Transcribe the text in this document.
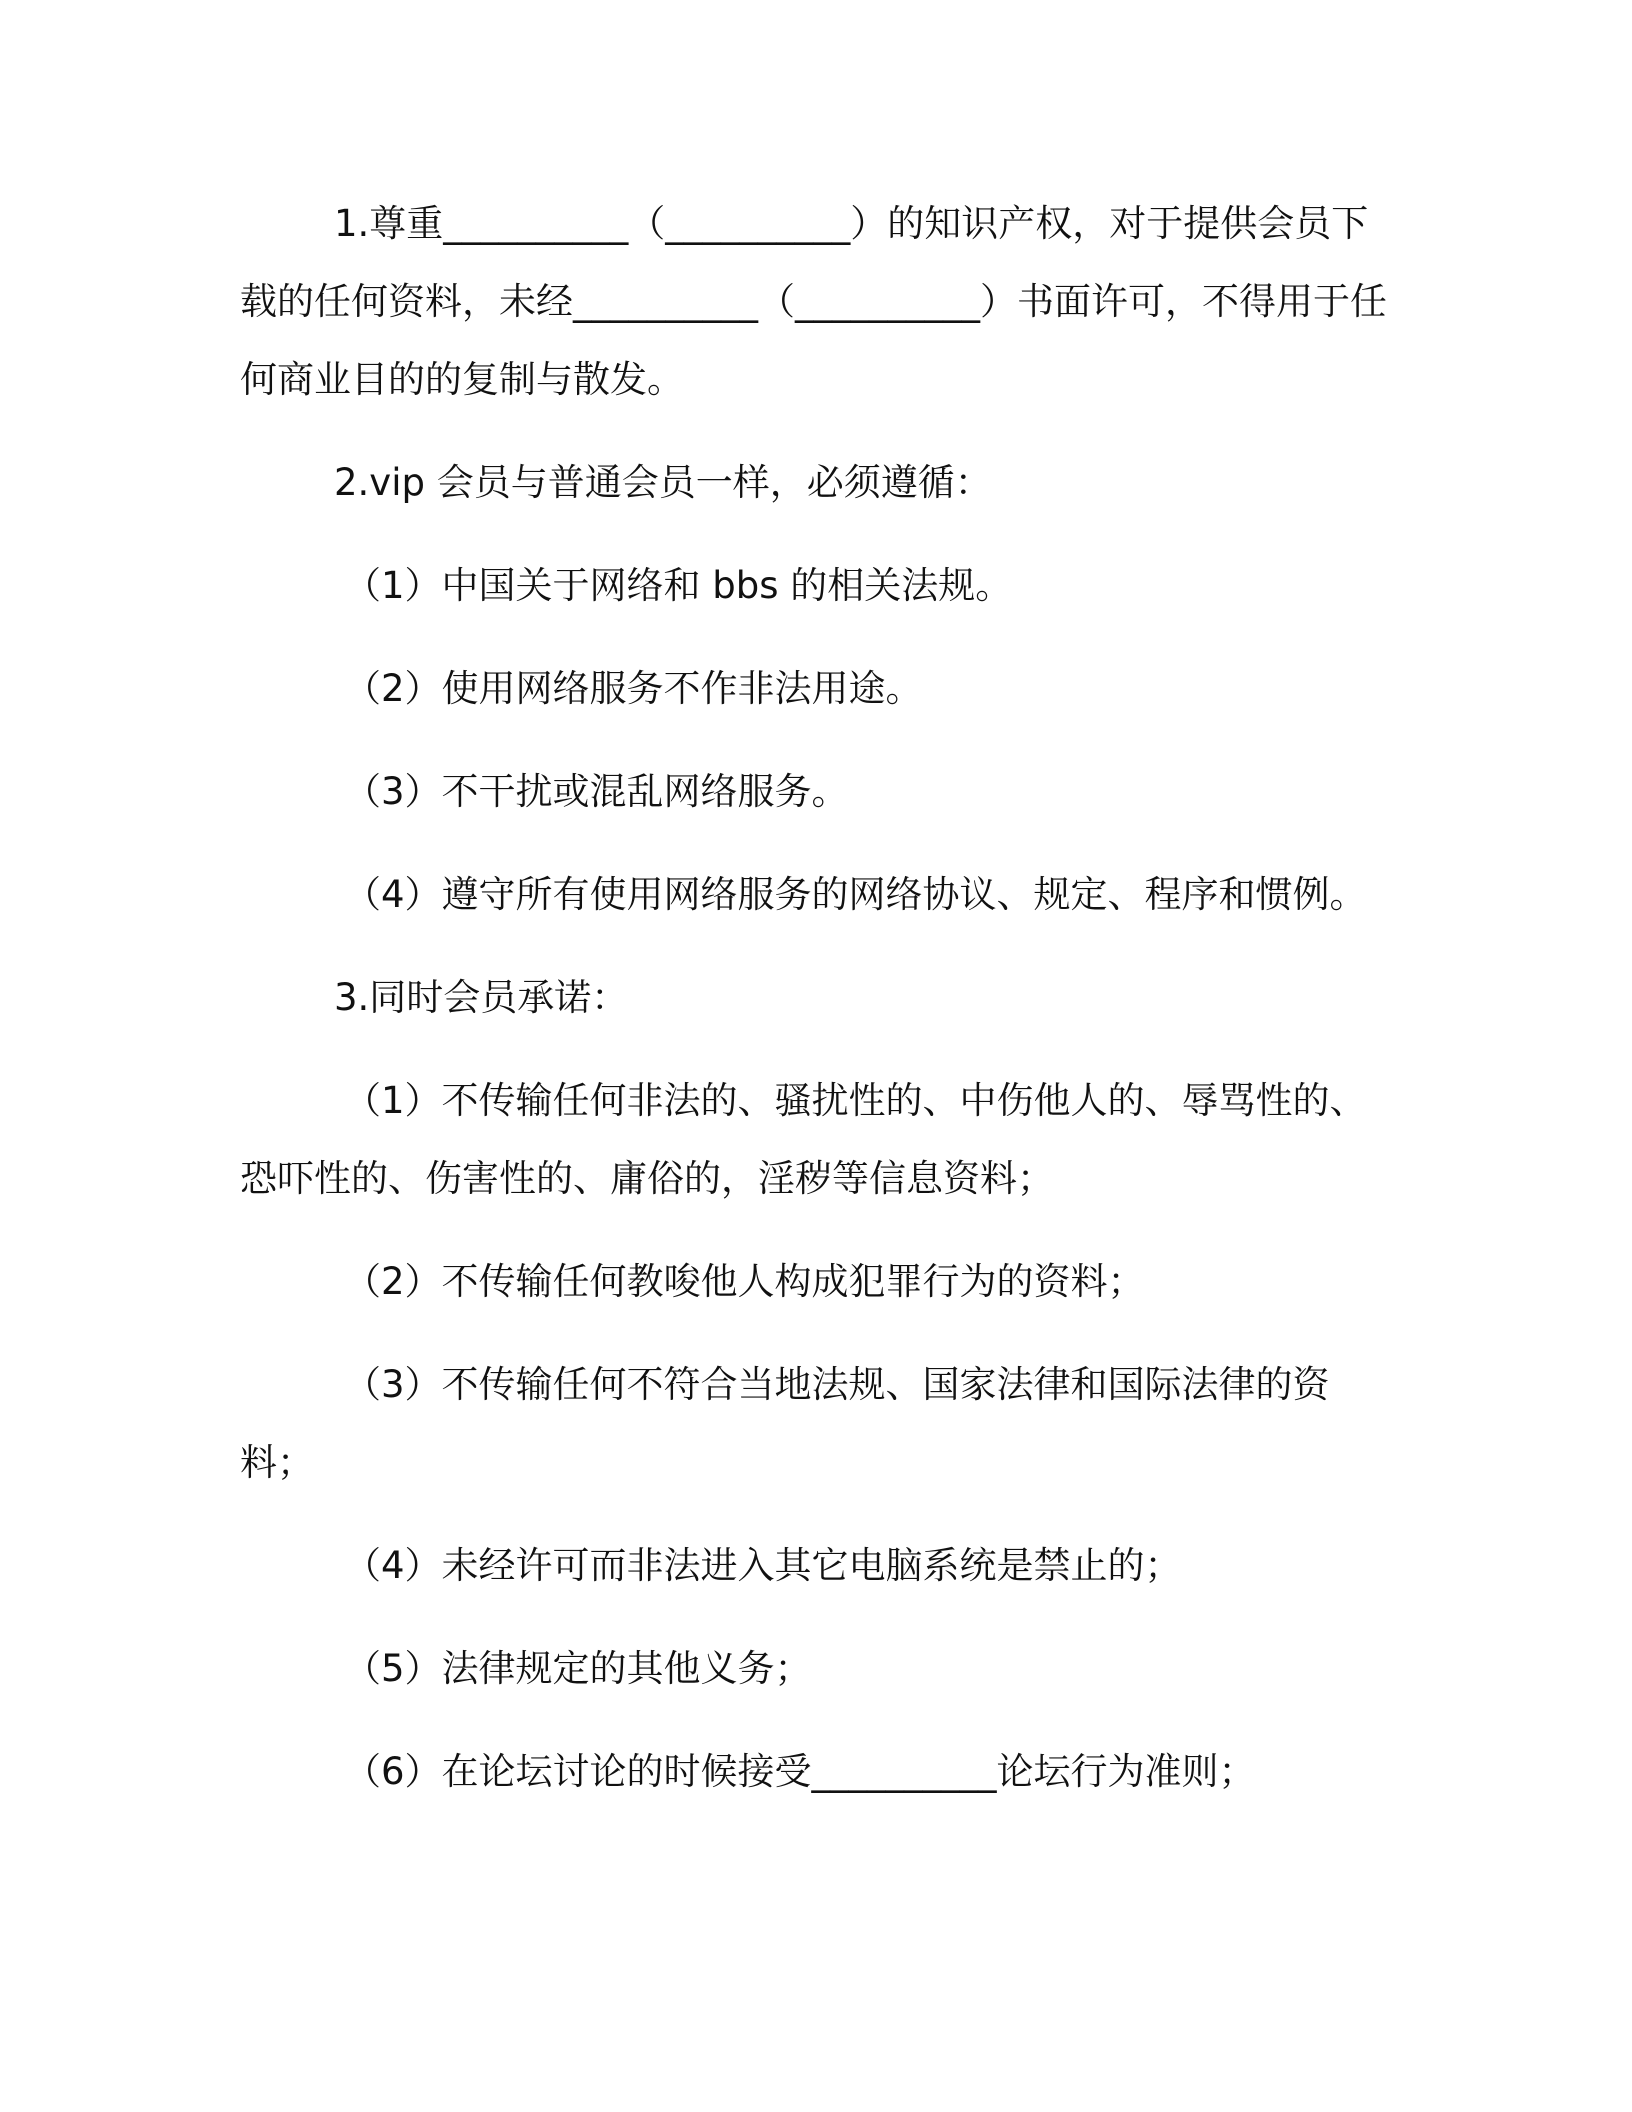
1.尊重__________（__________）的知识产权，对于提供会员下载的任何资料，未经__________（__________）书面许可，不得用于任何商业目的的复制与散发。

2.vip 会员与普通会员一样，必须遵循：

（1）中国关于网络和 bbs 的相关法规。

（2）使用网络服务不作非法用途。

（3）不干扰或混乱网络服务。

（4）遵守所有使用网络服务的网络协议、规定、程序和惯例。

3.同时会员承诺：

（1）不传输任何非法的、骚扰性的、中伤他人的、辱骂性的、恐吓性的、伤害性的、庸俗的，淫秽等信息资料；

（2）不传输任何教唆他人构成犯罪行为的资料；

（3）不传输任何不符合当地法规、国家法律和国际法律的资料；

（4）未经许可而非法进入其它电脑系统是禁止的；

（5）法律规定的其他义务；

（6）在论坛讨论的时候接受__________论坛行为准则；
